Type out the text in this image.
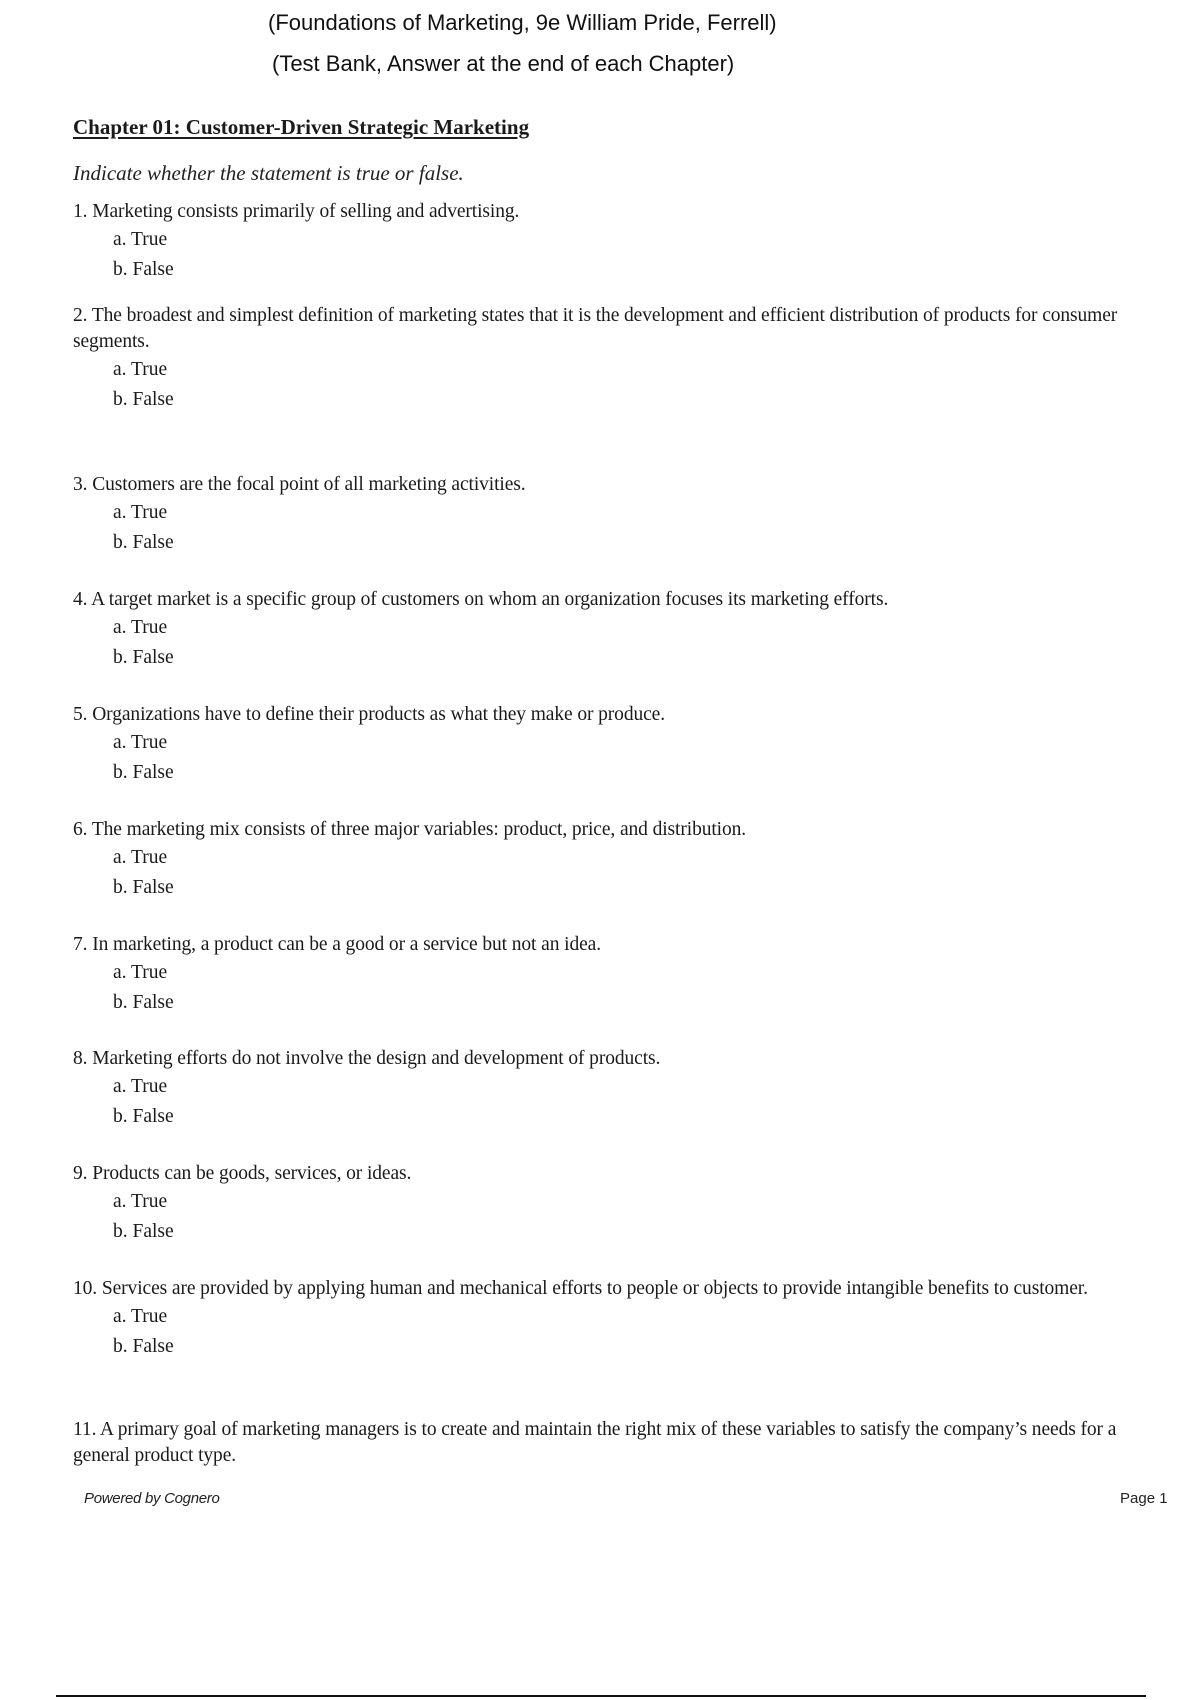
(Foundations of Marketing, 9e William Pride, Ferrell)
(Test Bank, Answer at the end of each Chapter)
Chapter 01: Customer-Driven Strategic Marketing
Indicate whether the statement is true or false.
1. Marketing consists primarily of selling and advertising.
a. True
b. False
2. The broadest and simplest definition of marketing states that it is the development and efficient distribution of products for consumer segments.
a. True
b. False
3. Customers are the focal point of all marketing activities.
a. True
b. False
4. A target market is a specific group of customers on whom an organization focuses its marketing efforts.
a. True
b. False
5. Organizations have to define their products as what they make or produce.
a. True
b. False
6. The marketing mix consists of three major variables: product, price, and distribution.
a. True
b. False
7. In marketing, a product can be a good or a service but not an idea.
a. True
b. False
8. Marketing efforts do not involve the design and development of products.
a. True
b. False
9. Products can be goods, services, or ideas.
a. True
b. False
10. Services are provided by applying human and mechanical efforts to people or objects to provide intangible benefits to customer.
a. True
b. False
11. A primary goal of marketing managers is to create and maintain the right mix of these variables to satisfy the company’s needs for a general product type.
Powered by Cognero	Page 1
